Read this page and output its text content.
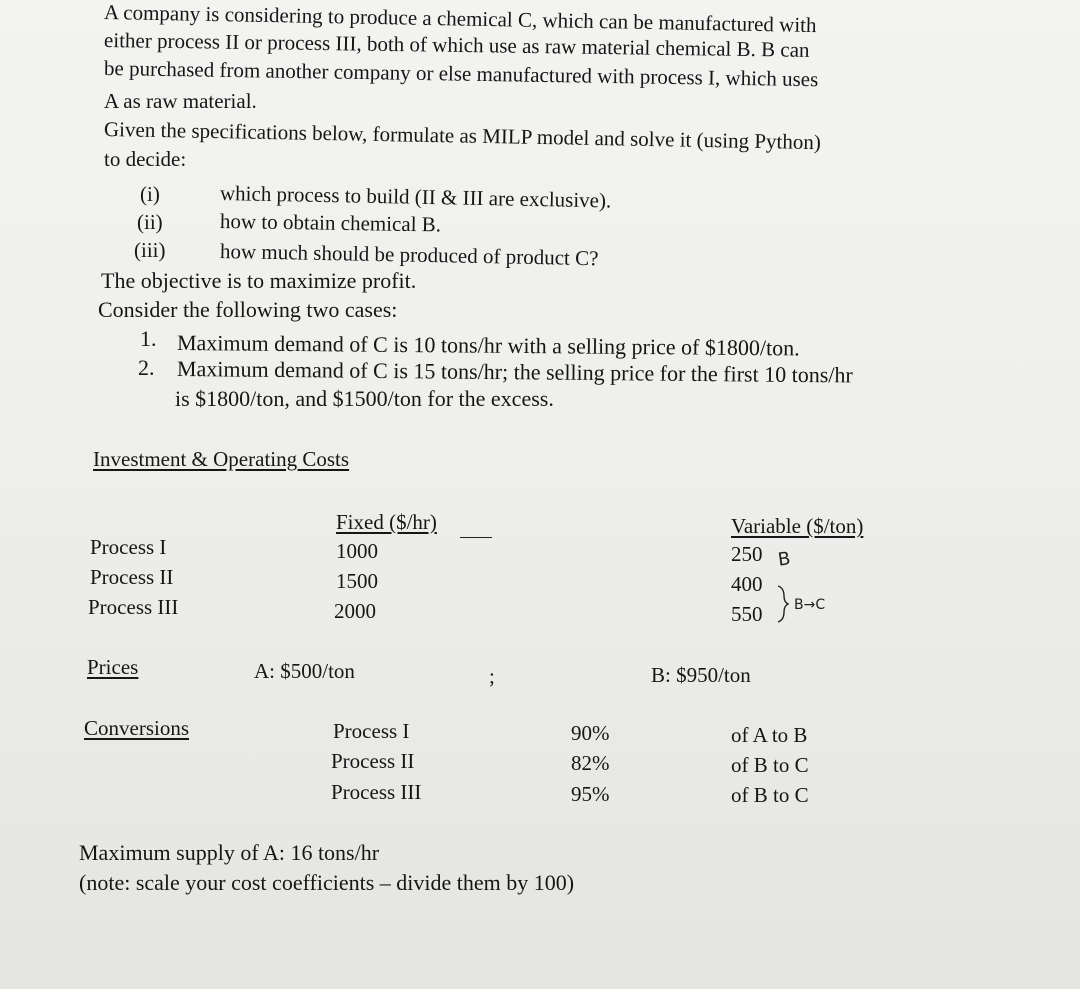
A company is considering to produce a chemical C, which can be manufactured with
either process II or process III, both of which use as raw material chemical B. B can
be purchased from another company or else manufactured with process I, which uses
A as raw material.
Given the specifications below, formulate as MILP model and solve it (using Python)
to decide:
(i)	which process to build (II & III are exclusive).
(ii)	how to obtain chemical B.
(iii)	how much should be produced of product C?
The objective is to maximize profit.
Consider the following two cases:
1. Maximum demand of C is 10 tons/hr with a selling price of $1800/ton.
2. Maximum demand of C is 15 tons/hr; the selling price for the first 10 tons/hr
is $1800/ton, and $1500/ton for the excess.
Investment & Operating Costs
Fixed ($/hr)	Variable ($/ton)
Process I	1000	250
Process II	1500	400
Process III	2000	550
B
B→C
Prices	A: $500/ton	;	B: $950/ton
Conversions	Process I	90%	of A to B
Process II	82%	of B to C
Process III	95%	of B to C
Maximum supply of A: 16 tons/hr
(note: scale your cost coefficients – divide them by 100)
